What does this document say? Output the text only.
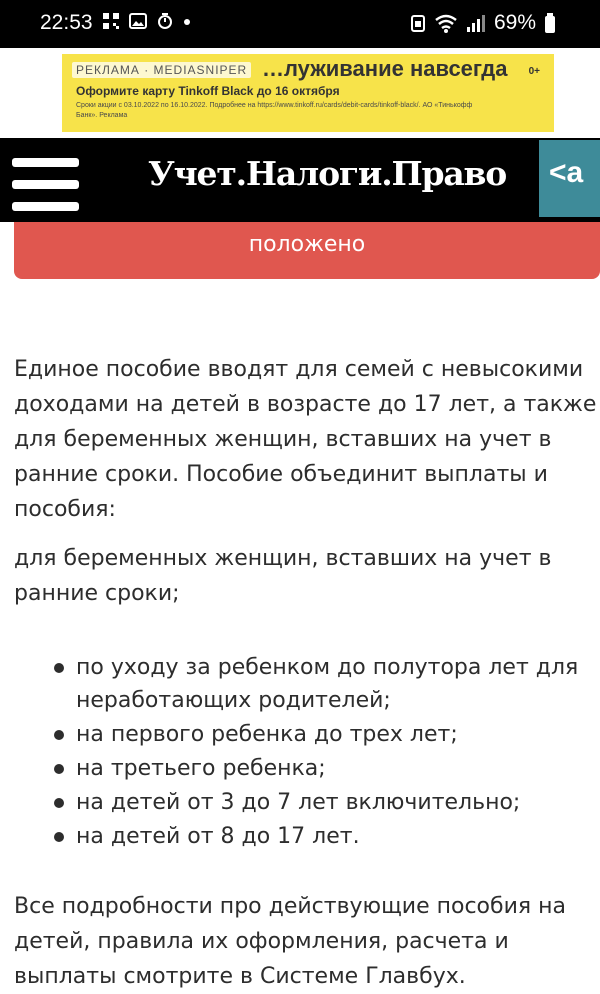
22:53	69%
РЕКЛАМА · MEDIASNIPER …луживание навсегда 0+
Оформите карту Tinkoff Black до 16 октября
Сроки акции с 03.10.2022 по 16.10.2022. Подробнее на https://www.tinkoff.ru/cards/debit-cards/tinkoff-black/. АО «Тинькофф Банк». Реклама
Учет.Налоги.Право <a
положено

Единое пособие вводят для семей с невысокими доходами на детей в возрасте до 17 лет, а также для беременных женщин, вставших на учет в ранние сроки. Пособие объединит выплаты и пособия:

для беременных женщин, вставших на учет в ранние сроки;

по уходу за ребенком до полутора лет для неработающих родителей;
на первого ребенка до трех лет;
на третьего ребенка;
на детей от 3 до 7 лет включительно;
на детей от 8 до 17 лет.

Все подробности про действующие пособия на детей, правила их оформления, расчета и выплаты смотрите в Системе Главбух.
